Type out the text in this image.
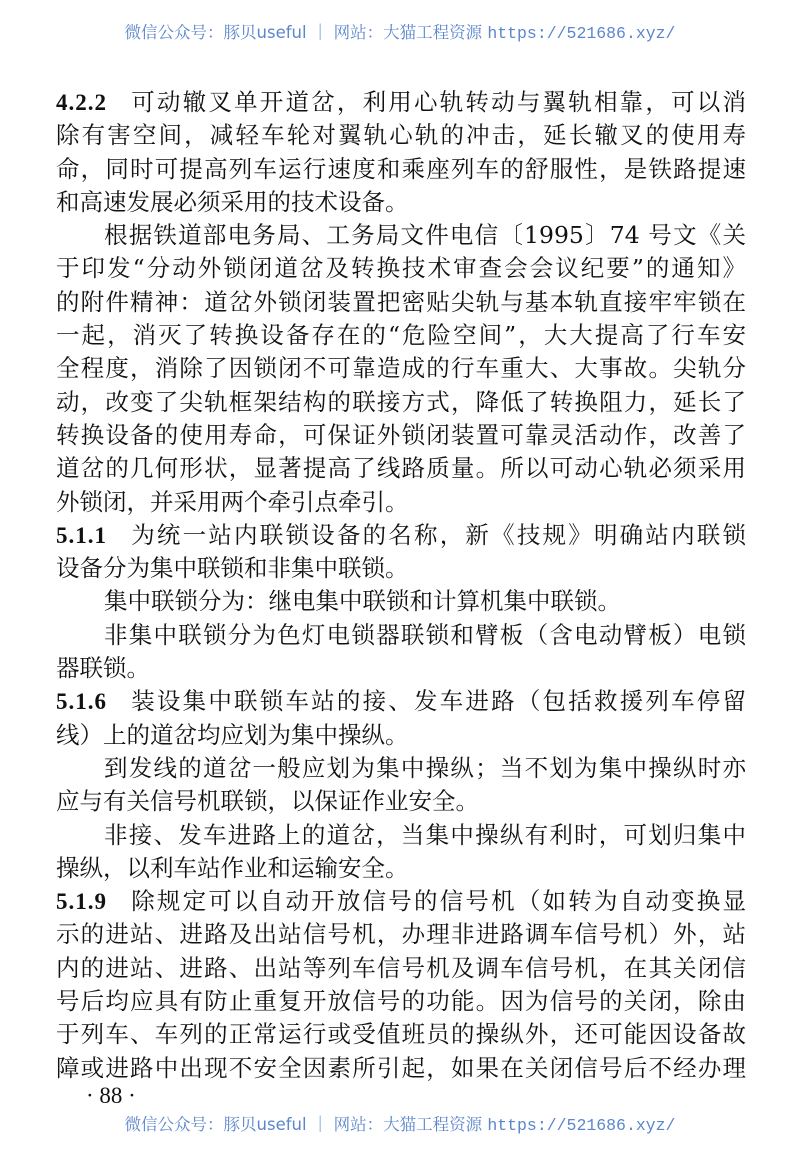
微信公众号：豚贝useful ｜ 网站：大猫工程资源 https://521686.xyz/
4.2.2 可动辙叉单开道岔，利用心轨转动与翼轨相靠，可以消
除有害空间，减轻车轮对翼轨心轨的冲击，延长辙叉的使用寿
命，同时可提高列车运行速度和乘座列车的舒服性，是铁路提速
和高速发展必须采用的技术设备。
根据铁道部电务局、工务局文件电信〔1995〕74 号文《关
于印发“分动外锁闭道岔及转换技术审查会会议纪要”的通知》
的附件精神：道岔外锁闭装置把密贴尖轨与基本轨直接牢牢锁在
一起，消灭了转换设备存在的“危险空间”，大大提高了行车安
全程度，消除了因锁闭不可靠造成的行车重大、大事故。尖轨分
动，改变了尖轨框架结构的联接方式，降低了转换阻力，延长了
转换设备的使用寿命，可保证外锁闭装置可靠灵活动作，改善了
道岔的几何形状，显著提高了线路质量。所以可动心轨必须采用
外锁闭，并采用两个牵引点牵引。
5.1.1 为统一站内联锁设备的名称，新《技规》明确站内联锁
设备分为集中联锁和非集中联锁。
集中联锁分为：继电集中联锁和计算机集中联锁。
非集中联锁分为色灯电锁器联锁和臂板（含电动臂板）电锁
器联锁。
5.1.6 装设集中联锁车站的接、发车进路（包括救援列车停留
线）上的道岔均应划为集中操纵。
到发线的道岔一般应划为集中操纵；当不划为集中操纵时亦
应与有关信号机联锁，以保证作业安全。
非接、发车进路上的道岔，当集中操纵有利时，可划归集中
操纵，以利车站作业和运输安全。
5.1.9 除规定可以自动开放信号的信号机（如转为自动变换显
示的进站、进路及出站信号机，办理非进路调车信号机）外，站
内的进站、进路、出站等列车信号机及调车信号机，在其关闭信
号后均应具有防止重复开放信号的功能。因为信号的关闭，除由
于列车、车列的正常运行或受值班员的操纵外，还可能因设备故
障或进路中出现不安全因素所引起，如果在关闭信号后不经办理
· 88 ·
微信公众号：豚贝useful ｜ 网站：大猫工程资源 https://521686.xyz/
